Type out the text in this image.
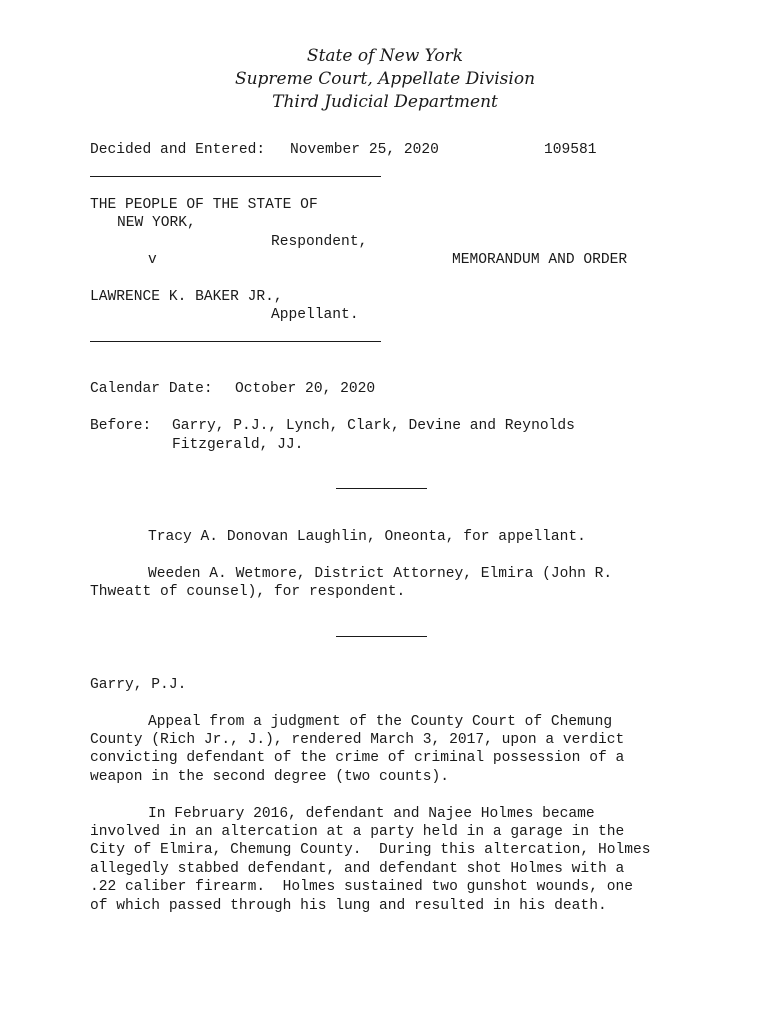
State of New York
Supreme Court, Appellate Division
Third Judicial Department
Decided and Entered: November 25, 2020	109581
THE PEOPLE OF THE STATE OF
NEW YORK,
Respondent,
v	MEMORANDUM AND ORDER
LAWRENCE K. BAKER JR.,
Appellant.
Calendar Date: October 20, 2020
Before: Garry, P.J., Lynch, Clark, Devine and Reynolds
Fitzgerald, JJ.
Tracy A. Donovan Laughlin, Oneonta, for appellant.
Weeden A. Wetmore, District Attorney, Elmira (John R.
Thweatt of counsel), for respondent.
Garry, P.J.
Appeal from a judgment of the County Court of Chemung
County (Rich Jr., J.), rendered March 3, 2017, upon a verdict
convicting defendant of the crime of criminal possession of a
weapon in the second degree (two counts).
In February 2016, defendant and Najee Holmes became
involved in an altercation at a party held in a garage in the
City of Elmira, Chemung County.  During this altercation, Holmes
allegedly stabbed defendant, and defendant shot Holmes with a
.22 caliber firearm.  Holmes sustained two gunshot wounds, one
of which passed through his lung and resulted in his death.
